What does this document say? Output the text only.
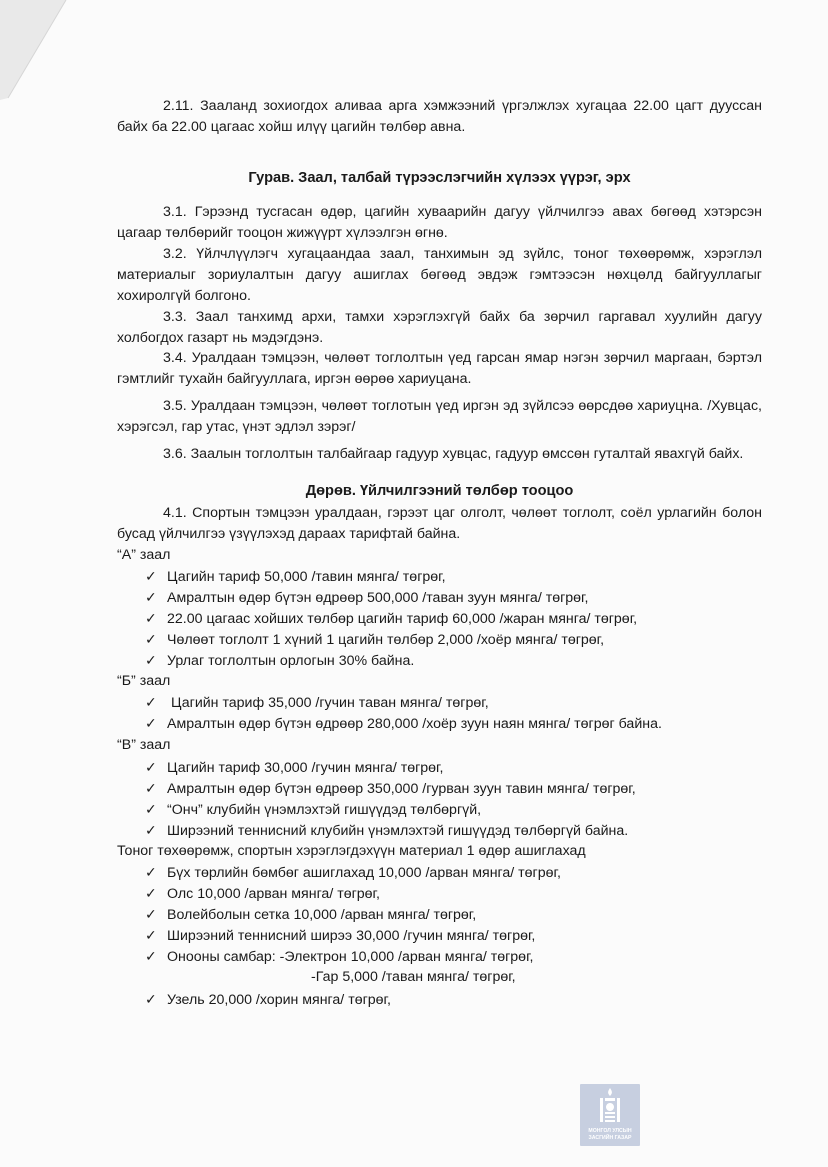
2.11. Зааланд зохиогдох аливаа арга хэмжээний үргэлжлэх хугацаа 22.00 цагт дууссан байх ба 22.00 цагаас хойш илүү цагийн төлбөр авна.
Гурав. Заал, талбай түрээслэгчийн хүлээх үүрэг, эрх
3.1. Гэрээнд тусгасан өдөр, цагийн хуваарийн дагуу үйлчилгээ авах бөгөөд хэтэрсэн цагаар төлбөрийг тооцон жижүүрт хүлээлгэн өгнө.
3.2. Үйлчлүүлэгч хугацаандаа заал, танхимын эд зүйлс, тоног төхөөрөмж, хэрэглэл материалыг зориулалтын дагуу ашиглах бөгөөд эвдэж гэмтээсэн нөхцөлд байгууллагыг хохиролгүй болгоно.
3.3. Заал танхимд архи, тамхи хэрэглэхгүй байх ба зөрчил гаргавал хуулийн дагуу холбогдох газарт нь мэдэгдэнэ.
3.4. Уралдаан тэмцээн, чөлөөт тоглолтын үед гарсан ямар нэгэн зөрчил маргаан, бэртэл гэмтлийг тухайн байгууллага, иргэн өөрөө хариуцана.
3.5. Уралдаан тэмцээн, чөлөөт тоглотын үед иргэн эд зүйлсээ өөрсдөө хариуцна. /Хувцас, хэрэгсэл, гар утас, үнэт эдлэл зэрэг/
3.6. Заалын тоглолтын талбайгаар гадуур хувцас, гадуур өмссөн гуталтай явахгүй байх.
Дөрөв. Үйлчилгээний төлбөр тооцоо
4.1. Спортын тэмцээн уралдаан, гэрээт цаг олголт, чөлөөт тоглолт, соёл урлагийн болон бусад үйлчилгээ үзүүлэхэд дараах тарифтай байна.
“А” заал
✓ Цагийн тариф 50,000 /тавин мянга/ төгрөг,
✓ Амралтын өдөр бүтэн өдрөөр 500,000 /таван зуун мянга/ төгрөг,
✓ 22.00 цагаас хойших төлбөр цагийн тариф 60,000 /жаран мянга/ төгрөг,
✓ Чөлөөт тоглолт 1 хүний 1 цагийн төлбөр 2,000 /хоёр мянга/ төгрөг,
✓ Урлаг тоглолтын орлогын 30% байна.
“Б” заал
✓ Цагийн тариф 35,000 /гучин таван мянга/ төгрөг,
✓ Амралтын өдөр бүтэн өдрөөр 280,000 /хоёр зуун наян мянга/ төгрөг байна.
“В” заал
✓ Цагийн тариф 30,000 /гучин мянга/ төгрөг,
✓ Амралтын өдөр бүтэн өдрөөр 350,000 /гурван зуун тавин мянга/ төгрөг,
✓ “Онч” клубийн үнэмлэхтэй гишүүдэд төлбөргүй,
✓ Ширээний теннисний клубийн үнэмлэхтэй гишүүдэд төлбөргүй байна.
Тоног төхөөрөмж, спортын хэрэглэгдэхүүн материал 1 өдөр ашиглахад
✓ Бүх төрлийн бөмбөг ашиглахад 10,000 /арван мянга/ төгрөг,
✓ Олс 10,000 /арван мянга/ төгрөг,
✓ Волейболын сетка 10,000 /арван мянга/ төгрөг,
✓ Ширээний теннисний ширээ 30,000 /гучин мянга/ төгрөг,
✓ Онооны самбар: -Электрон 10,000 /арван мянга/ төгрөг,
-Гар 5,000 /таван мянга/ төгрөг,
✓ Узель 20,000 /хорин мянга/ төгрөг,
МОНГОЛ УЛСЫН
ЗАСГИЙН ГАЗАР
